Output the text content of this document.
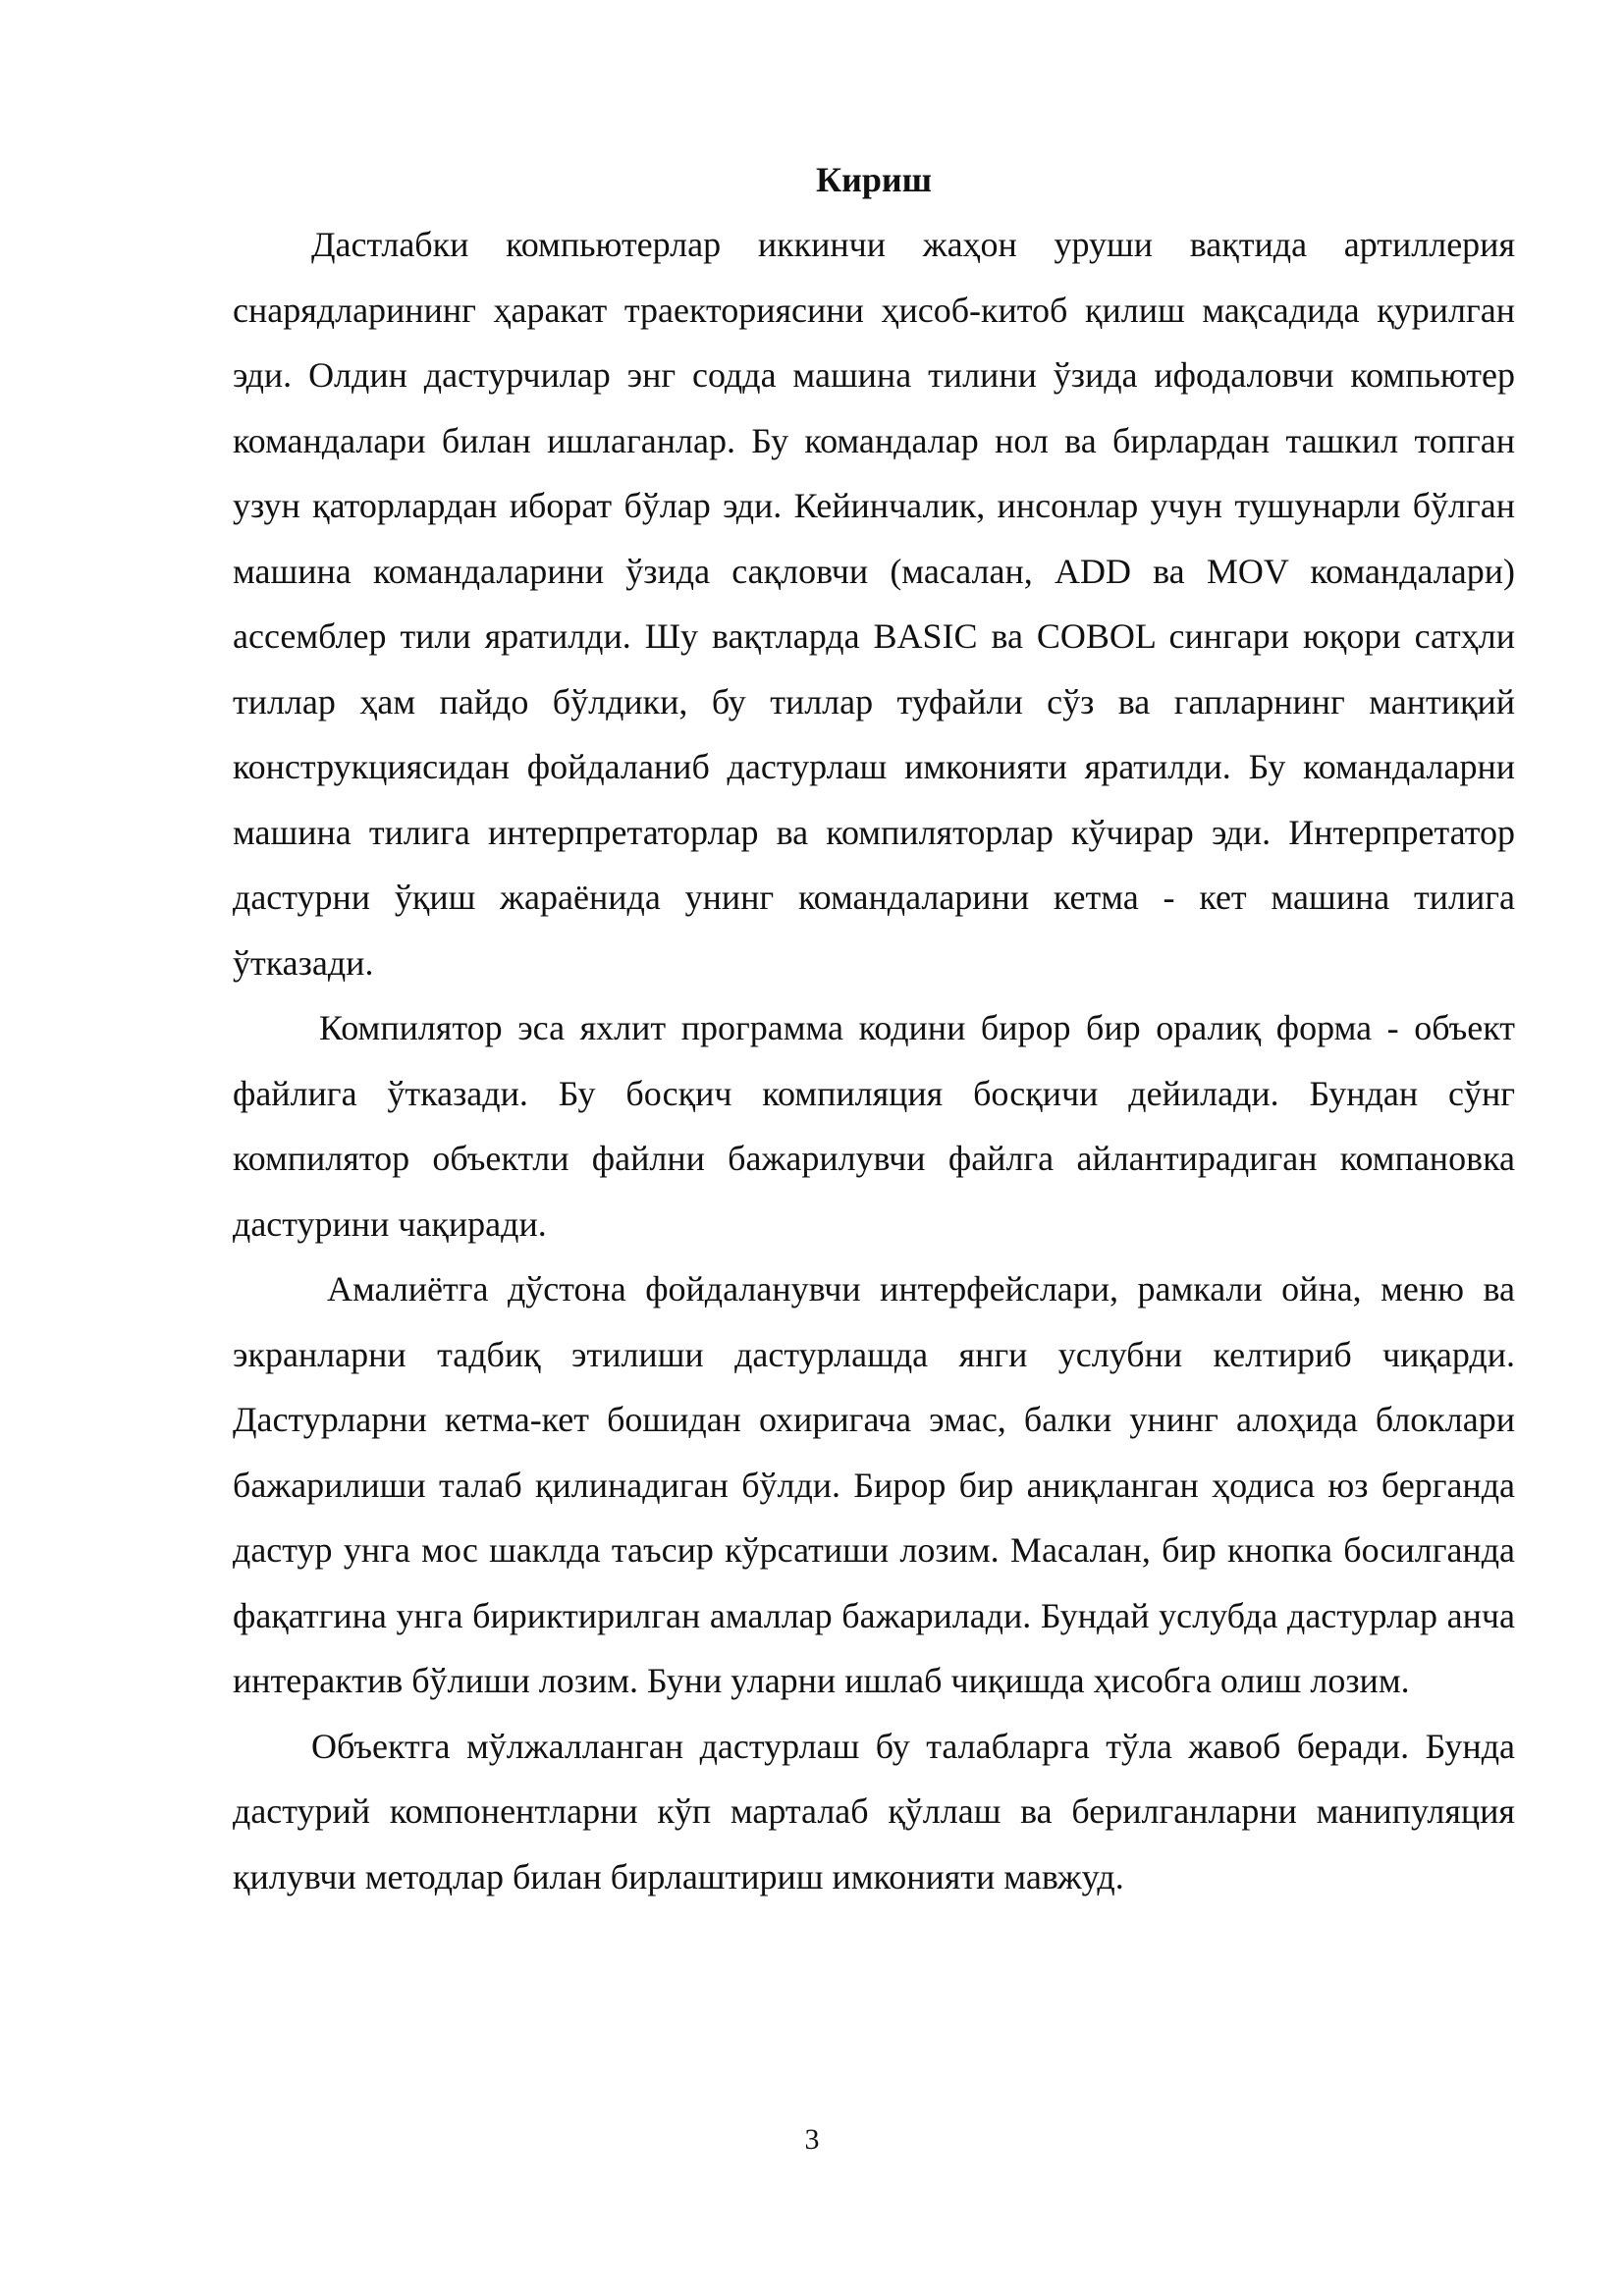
Кириш

Дастлабки компьютерлар иккинчи жаҳон уруши вақтида артиллерия снарядларининг ҳаракат траекториясини ҳисоб-китоб қилиш мақсадида қурилган эди. Олдин дастурчилар энг содда машина тилини ўзида ифодаловчи компьютер командалари билан ишлаганлар. Бу командалар нол ва бирлардан ташкил топган узун қаторлардан иборат бўлар эди. Кейинчалик, инсонлар учун тушунарли бўлган машина командаларини ўзида сақловчи (масалан, ADD ва MOV командалари) ассемблер тили яратилди. Шу вақтларда BASIC ва COBOL сингари юқори сатҳли тиллар ҳам пайдо бўлдики, бу тиллар туфайли сўз ва гапларнинг мантиқий конструкциясидан фойдаланиб дастурлаш имконияти яратилди. Бу командаларни машина тилига интерпретаторлар ва компиляторлар кўчирар эди. Интерпретатор дастурни ўқиш жараёнида унинг командаларини кетма - кет машина тилига ўтказади.

Компилятор эса яхлит программа кодини бирор бир оралиқ форма - объект файлига ўтказади. Бу босқич компиляция босқичи дейилади. Бундан сўнг компилятор объектли файлни бажарилувчи файлга айлантирадиган компановка дастурини чақиради.

Амалиётга дўстона фойдаланувчи интерфейслари, рамкали ойна, меню ва экранларни тадбиқ этилиши дастурлашда янги услубни келтириб чиқарди. Дастурларни кетма-кет бошидан охиригача эмас, балки унинг алоҳида блоклари бажарилиши талаб қилинадиган бўлди. Бирор бир аниқланган ҳодиса юз берганда дастур унга мос шаклда таъсир кўрсатиши лозим. Масалан, бир кнопка босилганда фақатгина унга бириктирилган амаллар бажарилади. Бундай услубда дастурлар анча интерактив бўлиши лозим. Буни уларни ишлаб чиқишда ҳисобга олиш лозим.

Объектга мўлжалланган дастурлаш бу талабларга тўла жавоб беради. Бунда дастурий компонентларни кўп марталаб қўллаш ва берилганларни манипуляция қилувчи методлар билан бирлаштириш имконияти мавжуд.

3
